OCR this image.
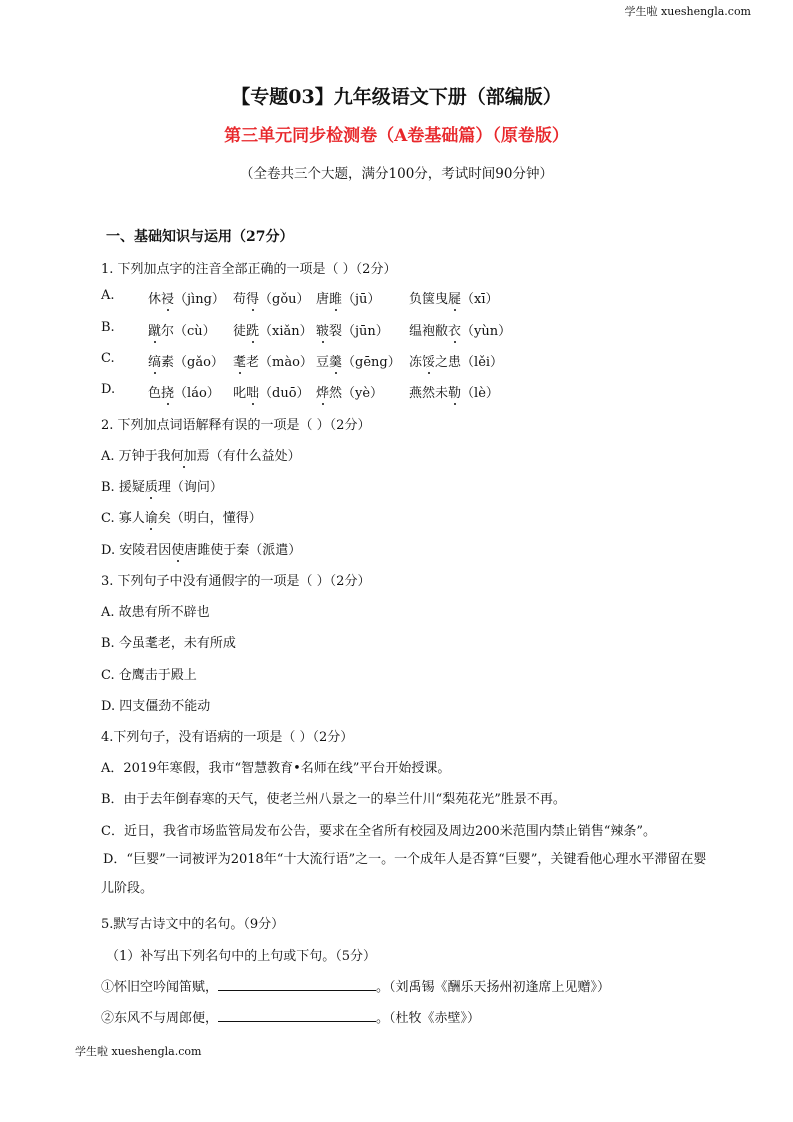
学生啦 xueshengla.com
【专题03】九年级语文下册（部编版）
第三单元同步检测卷（A卷基础篇）（原卷版）
（全卷共三个大题，满分100分，考试时间90分钟）
一、基础知识与运用（27分）
1. 下列加点字的注音全部正确的一项是（ ）（2分）
A.	休祲（jìng） 苟得（gǒu） 唐雎（jū） 负箧曳屣（xī）
B.	蹴尔（cù） 徒跣（xiǎn） 皲裂（jūn） 缊袍敝衣（yùn）
C.	缟素（gǎo） 耄老（mào） 豆羹（gēng） 冻馁之患（lěi）
D.	色挠（láo） 叱咄（duō） 烨然（yè） 燕然未勒（lè）
2. 下列加点词语解释有误的一项是（ ）（2分）
A. 万钟于我何加焉（有什么益处）
B. 援疑质理（询问）
C. 寡人谕矣（明白，懂得）
D. 安陵君因使唐雎使于秦（派遣）
3. 下列句子中没有通假字的一项是（ ）（2分）
A. 故患有所不辟也
B. 今虽耄老，未有所成
C. 仓鹰击于殿上
D. 四支僵劲不能动
4.下列句子，没有语病的一项是（ ）（2分）
A．2019年寒假，我市“智慧教育•名师在线”平台开始授课。
B．由于去年倒春寒的天气，使老兰州八景之一的皋兰什川“梨苑花光”胜景不再。
C．近日，我省市场监管局发布公告，要求在全省所有校园及周边200米范围内禁止销售“辣条”。
D．“巨婴”一词被评为2018年“十大流行语”之一。一个成年人是否算“巨婴”，关键看他心理水平滞留在婴儿阶段。
5.默写古诗文中的名句。（9分）
（1）补写出下列名句中的上句或下句。（5分）
①怀旧空吟闻笛赋，	。（刘禹锡《酬乐天扬州初逢席上见赠》）
②东风不与周郎便，	。（杜牧《赤壁》）
学生啦 xueshengla.com
